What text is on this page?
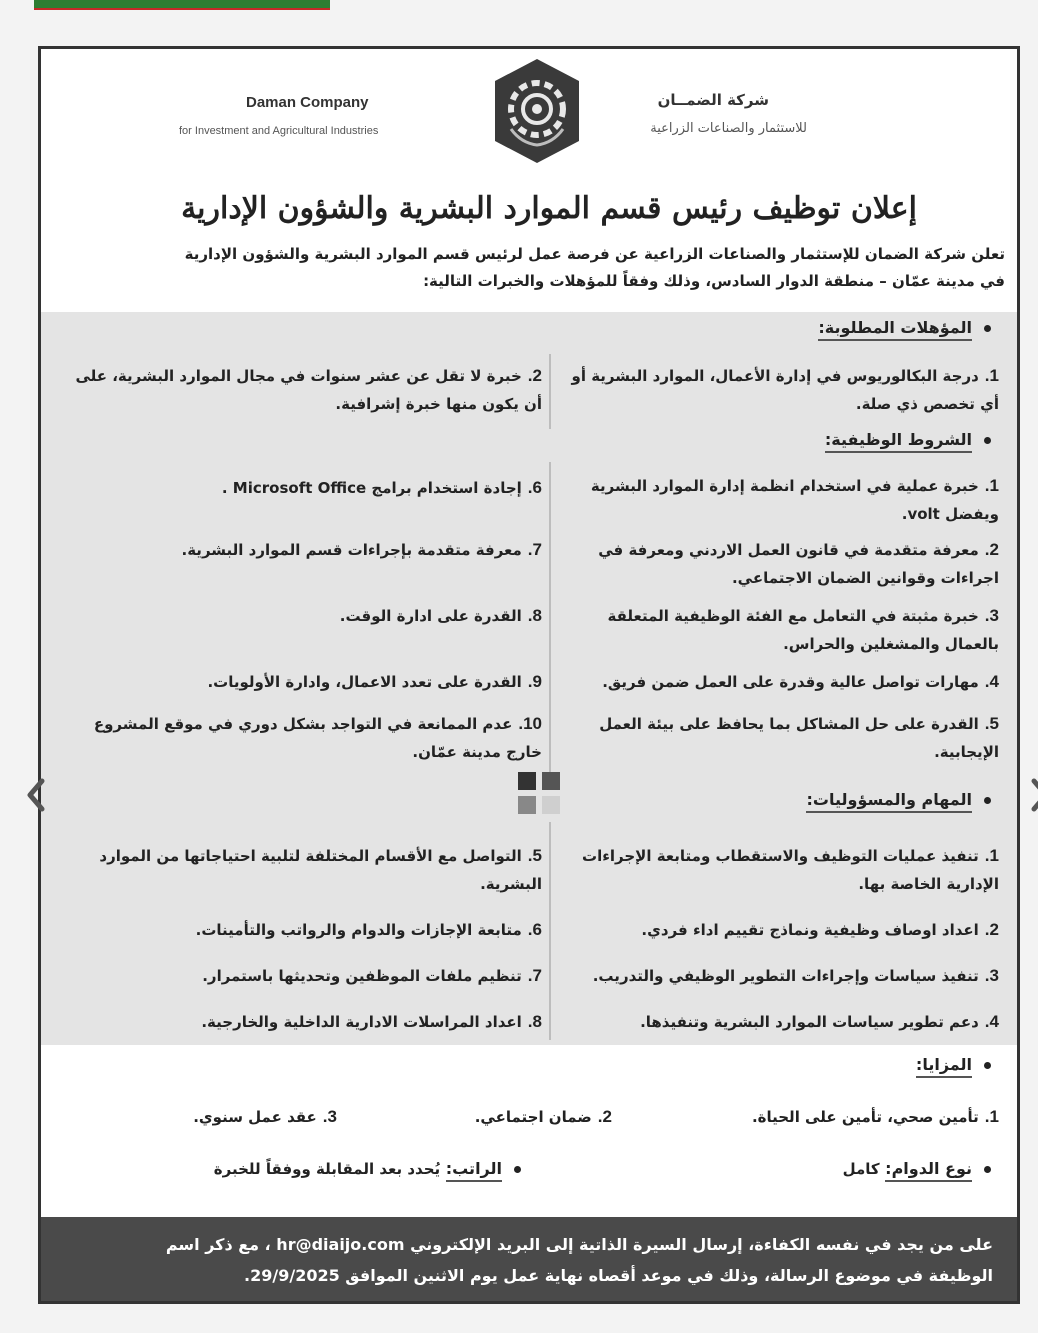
Daman Company
for Investment and Agricultural Industries
شركة الضمــان
للاستثمار والصناعات الزراعية
إعلان توظيف رئيس قسم الموارد البشرية والشؤون الإدارية
تعلن شركة الضمان للإستثمار والصناعات الزراعية عن فرصة عمل لرئيس قسم الموارد البشرية والشؤون الإدارية
في مدينة عمّان – منطقة الدوار السادس، وذلك وفقاً للمؤهلات والخبرات التالية:
المؤهلات المطلوبة:
1.درجة البكالوريوس في إدارة الأعمال، الموارد البشرية أو أي تخصص ذي صلة.
2.خبرة لا تقل عن عشر سنوات في مجال الموارد البشرية، على أن يكون منها خبرة إشرافية.
الشروط الوظيفية:
1.خبرة عملية في استخدام انظمة إدارة الموارد البشرية ويفضل volt.
2.معرفة متقدمة في قانون العمل الاردني ومعرفة في اجراءات وقوانين الضمان الاجتماعي.
3.خبرة مثبتة في التعامل مع الفئة الوظيفية المتعلقة بالعمال والمشغلين والحراس.
4.مهارات تواصل عالية وقدرة على العمل ضمن فريق.
5.القدرة على حل المشاكل بما يحافظ على بيئة العمل الإيجابية.
6.إجادة استخدام برامج Microsoft Office .
7.معرفة متقدمة بإجراءات قسم الموارد البشرية.
8.القدرة على ادارة الوقت.
9.القدرة على تعدد الاعمال، وادارة الأولويات.
10.عدم الممانعة في التواجد بشكل دوري في موقع المشروع خارج مدينة عمّان.
المهام والمسؤوليات:
1.تنفيذ عمليات التوظيف والاستقطاب ومتابعة الإجراءات الإدارية الخاصة بها.
2.اعداد اوصاف وظيفية ونماذج تقييم اداء فردي.
3.تنفيذ سياسات وإجراءات التطوير الوظيفي والتدريب.
4.دعم تطوير سياسات الموارد البشرية وتنفيذها.
5.التواصل مع الأقسام المختلفة لتلبية احتياجاتها من الموارد البشرية.
6.متابعة الإجازات والدوام والرواتب والتأمينات.
7.تنظيم ملفات الموظفين وتحديثها باستمرار.
8.اعداد المراسلات الادارية الداخلية والخارجية.
المزايا:
1.تأمين صحي، تأمين على الحياة.
2.ضمان اجتماعي.
3.عقد عمل سنوي.
نوع الدوام: كامل
الراتب: يُحدد بعد المقابلة ووفقاً للخبرة
على من يجد في نفسه الكفاءة، إرسال السيرة الذاتية إلى البريد الإلكتروني hr@diaijo.com ، مع ذكر اسم
الوظيفة في موضوع الرسالة، وذلك في موعد أقصاه نهاية عمل يوم الاثنين الموافق 29/9/2025.
